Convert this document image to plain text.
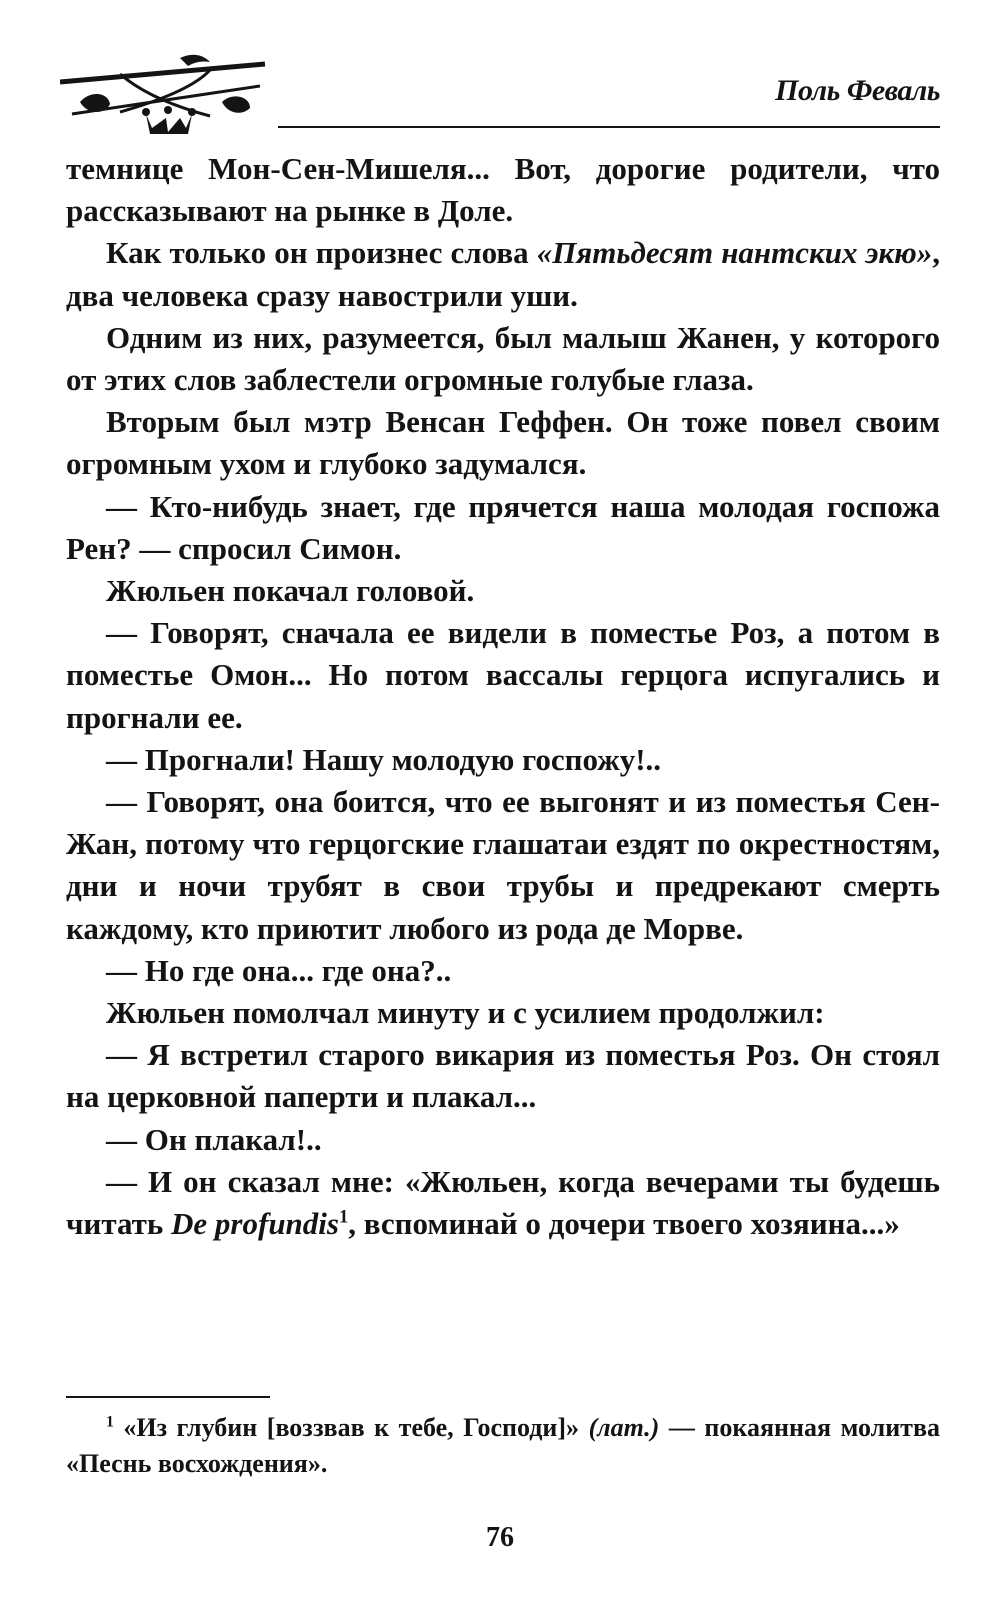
Поль Феваль

темнице Мон-Сен-Мишеля... Вот, дорогие родители, что рассказывают на рынке в Доле.

Как только он произнес слова «Пятьдесят нантских экю», два человека сразу навострили уши.

Одним из них, разумеется, был малыш Жанен, у которого от этих слов заблестели огромные голубые глаза.

Вторым был мэтр Венсан Геффен. Он тоже повел своим огромным ухом и глубоко задумался.

— Кто-нибудь знает, где прячется наша молодая госпожа Рен? — спросил Симон.

Жюльен покачал головой.

— Говорят, сначала ее видели в поместье Роз, а потом в поместье Омон... Но потом вассалы герцога испугались и прогнали ее.

— Прогнали! Нашу молодую госпожу!..

— Говорят, она боится, что ее выгонят и из поместья Сен-Жан, потому что герцогские глашатаи ездят по окрестностям, дни и ночи трубят в свои трубы и предрекают смерть каждому, кто приютит любого из рода де Морве.

— Но где она... где она?..

Жюльен помолчал минуту и с усилием продолжил:

— Я встретил старого викария из поместья Роз. Он стоял на церковной паперти и плакал...

— Он плакал!..

— И он сказал мне: «Жюльен, когда вечерами ты будешь читать De profundis$^1$, вспоминай о дочери твоего хозяина...»

$^1$ «Из глубин [воззвав к тебе, Господи]» (лат.) — покаянная молитва «Песнь восхождения».
76
